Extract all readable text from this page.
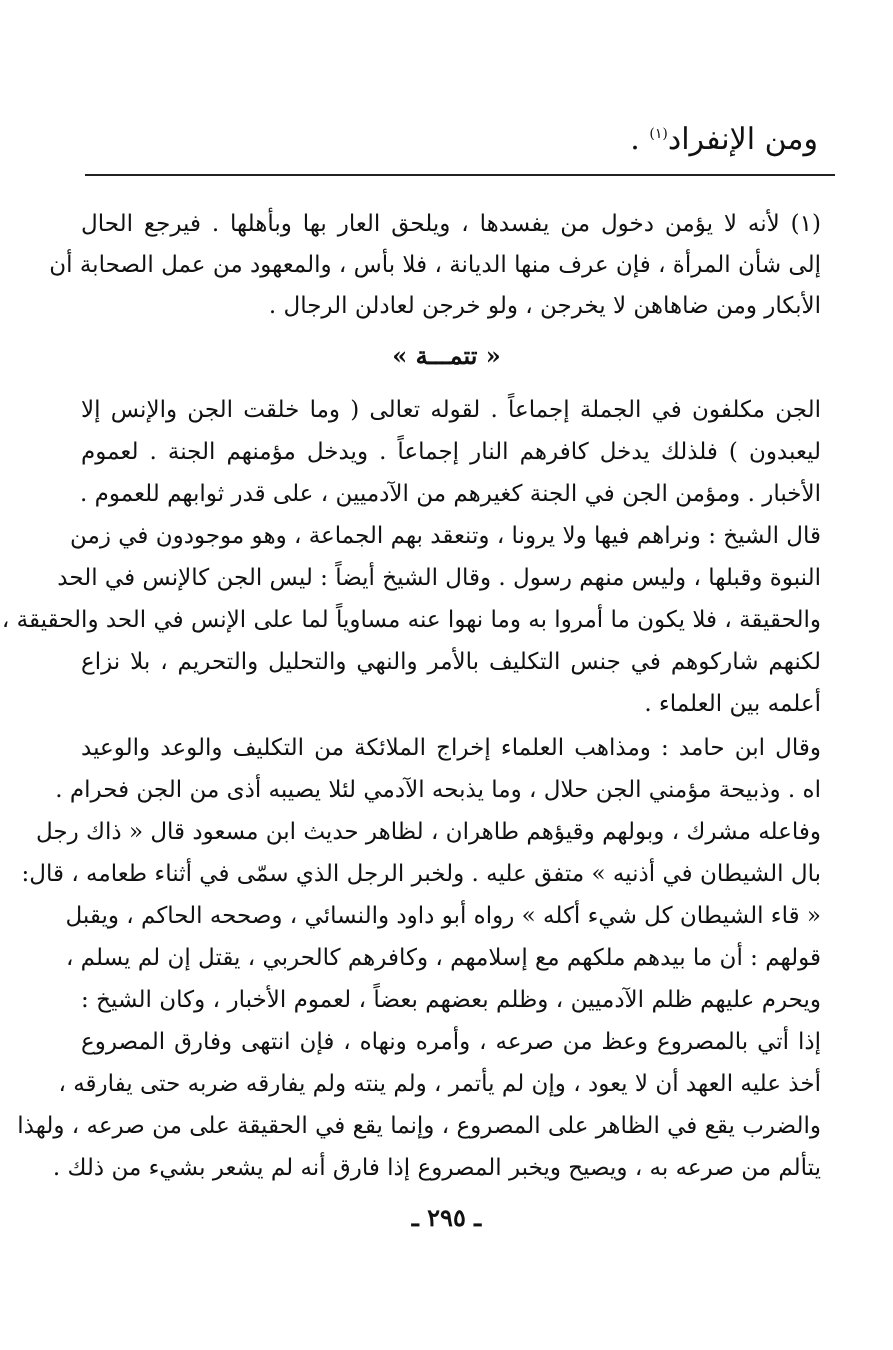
ومن الإنفراد$^{(١)}$ .
(١) لأنه لا يؤمن دخول من يفسدها ، ويلحق العار بها وبأهلها . فيرجع الحال
إلى شأن المرأة ، فإن عرف منها الديانة ، فلا بأس ، والمعهود من عمل الصحابة أن
الأبكار ومن ضاهاهن لا يخرجن ، ولو خرجن لعادلن الرجال .
« تتمـــة »
الجن مكلفون في الجملة إجماعاً . لقوله تعالى ( وما خلقت الجن والإنس إلا
ليعبدون ) فلذلك يدخل كافرهم النار إجماعاً . ويدخل مؤمنهم الجنة . لعموم
الأخبار . ومؤمن الجن في الجنة كغيرهم من الآدميين ، على قدر ثوابهم للعموم .
قال الشيخ : ونراهم فيها ولا يرونا ، وتنعقد بهم الجماعة ، وهو موجودون في زمن
النبوة وقبلها ، وليس منهم رسول . وقال الشيخ أيضاً : ليس الجن كالإنس في الحد
والحقيقة ، فلا يكون ما أمروا به وما نهوا عنه مساوياً لما على الإنس في الحد والحقيقة ،
لكنهم شاركوهم في جنس التكليف بالأمر والنهي والتحليل والتحريم ، بلا نزاع
أعلمه بين العلماء .
وقال ابن حامد : ومذاهب العلماء إخراج الملائكة من التكليف والوعد والوعيد
اه . وذبيحة مؤمني الجن حلال ، وما يذبحه الآدمي لئلا يصيبه أذى من الجن فحرام .
وفاعله مشرك ، وبولهم وقيؤهم طاهران ، لظاهر حديث ابن مسعود قال « ذاك رجل
بال الشيطان في أذنيه » متفق عليه . ولخبر الرجل الذي سمّى في أثناء طعامه ، قال:
« قاء الشيطان كل شيء أكله » رواه أبو داود والنسائي ، وصححه الحاكم ، ويقبل
قولهم : أن ما بيدهم ملكهم مع إسلامهم ، وكافرهم كالحربي ، يقتل إن لم يسلم ،
ويحرم عليهم ظلم الآدميين ، وظلم بعضهم بعضاً ، لعموم الأخبار ، وكان الشيخ :
إذا أتي بالمصروع وعظ من صرعه ، وأمره ونهاه ، فإن انتهى وفارق المصروع
أخذ عليه العهد أن لا يعود ، وإن لم يأتمر ، ولم ينته ولم يفارقه ضربه حتى يفارقه ،
والضرب يقع في الظاهر على المصروع ، وإنما يقع في الحقيقة على من صرعه ، ولهذا
يتألم من صرعه به ، ويصيح ويخبر المصروع إذا فارق أنه لم يشعر بشيء من ذلك .
ـ ٢٩٥ ـ
